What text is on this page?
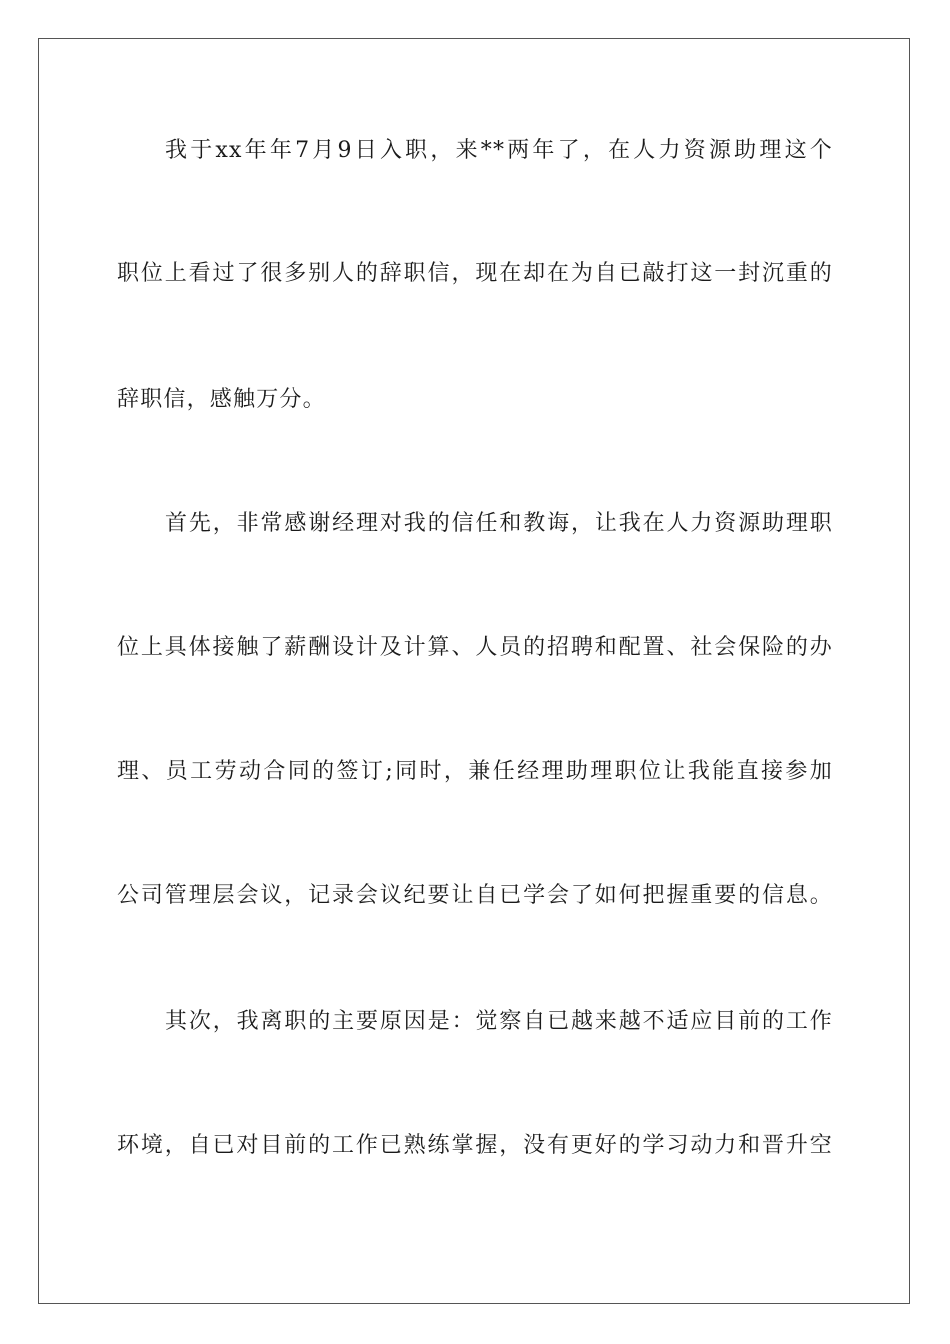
我于xx年年7月9日入职，来**两年了，在人力资源助理这个

职位上看过了很多别人的辞职信，现在却在为自已敲打这一封沉重的

辞职信，感触万分。

首先，非常感谢经理对我的信任和教诲，让我在人力资源助理职

位上具体接触了薪酬设计及计算、人员的招聘和配置、社会保险的办

理、员工劳动合同的签订;同时，兼任经理助理职位让我能直接参加

公司管理层会议，记录会议纪要让自已学会了如何把握重要的信息。

其次，我离职的主要原因是：觉察自已越来越不适应目前的工作

环境，自已对目前的工作已熟练掌握，没有更好的学习动力和晋升空
